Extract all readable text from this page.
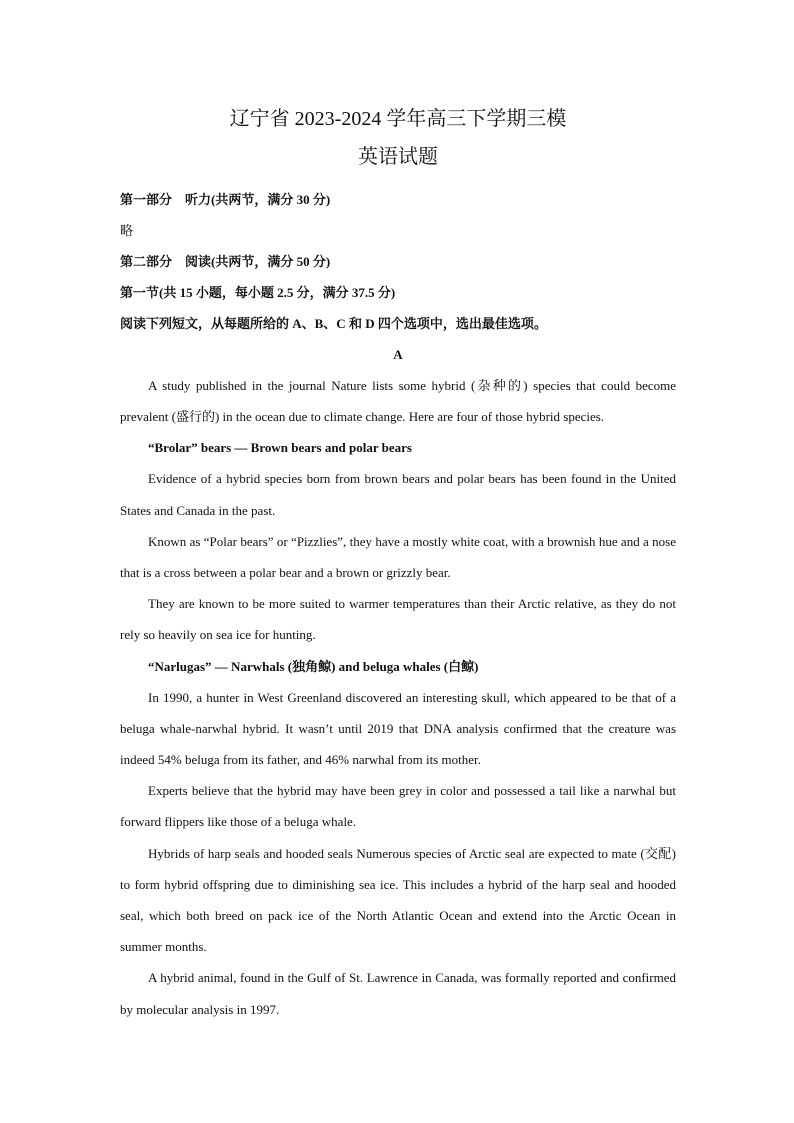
辽宁省 2023-2024 学年高三下学期三模
英语试题

第一部分　听力(共两节，满分 30 分)

略

第二部分　阅读(共两节，满分 50 分)

第一节(共 15 小题，每小题 2.5 分，满分 37.5 分)

阅读下列短文，从每题所给的 A、B、C 和 D 四个选项中，选出最佳选项。

A

A study published in the journal Nature lists some hybrid (杂种的) species that could become prevalent (盛行的) in the ocean due to climate change. Here are four of those hybrid species.

“Brolar” bears — Brown bears and polar bears

Evidence of a hybrid species born from brown bears and polar bears has been found in the United States and Canada in the past.

Known as “Polar bears” or “Pizzlies”, they have a mostly white coat, with a brownish hue and a nose that is a cross between a polar bear and a brown or grizzly bear.

They are known to be more suited to warmer temperatures than their Arctic relative, as they do not rely so heavily on sea ice for hunting.

“Narlugas” — Narwhals (独角鲸) and beluga whales (白鲸)

In 1990, a hunter in West Greenland discovered an interesting skull, which appeared to be that of a beluga whale-narwhal hybrid. It wasn’t until 2019 that DNA analysis confirmed that the creature was indeed 54% beluga from its father, and 46% narwhal from its mother.

Experts believe that the hybrid may have been grey in color and possessed a tail like a narwhal but forward flippers like those of a beluga whale.

Hybrids of harp seals and hooded seals Numerous species of Arctic seal are expected to mate (交配) to form hybrid offspring due to diminishing sea ice. This includes a hybrid of the harp seal and hooded seal, which both breed on pack ice of the North Atlantic Ocean and extend into the Arctic Ocean in summer months.

A hybrid animal, found in the Gulf of St. Lawrence in Canada, was formally reported and confirmed by molecular analysis in 1997.
